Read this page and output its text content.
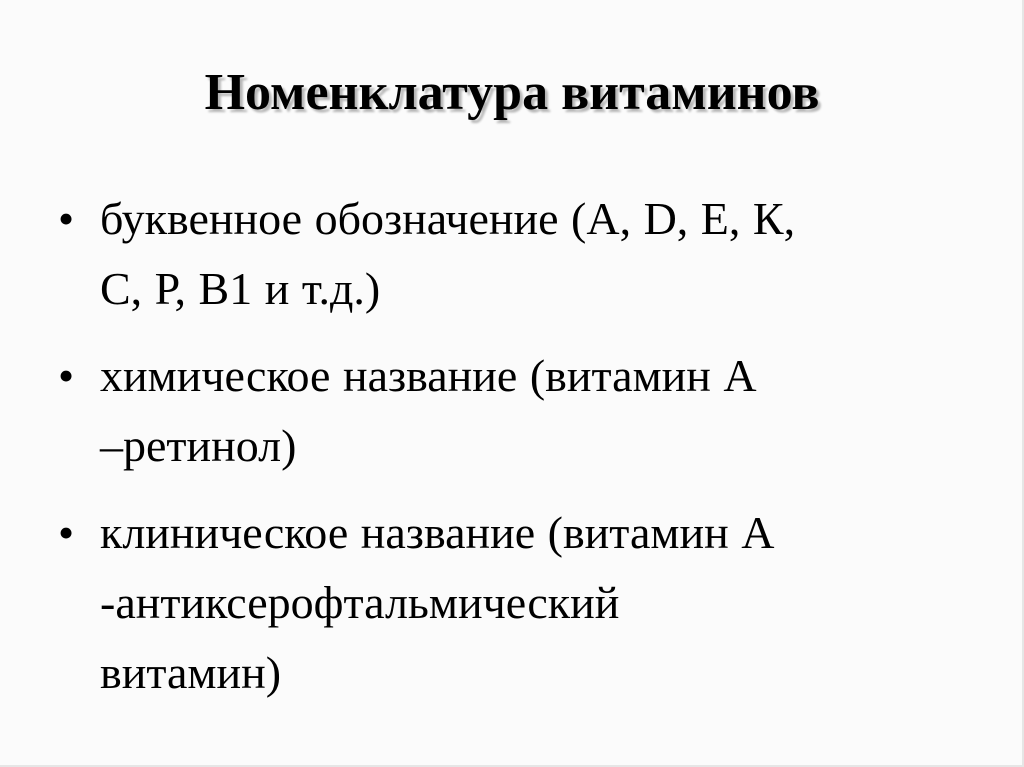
Номенклатура витаминов
• буквенное обозначение (А, D, Е, К,
С, Р, В1 и т.д.)
• химическое название (витамин А
–ретинол)
• клиническое название (витамин А
-антиксерофтальмический
витамин)
